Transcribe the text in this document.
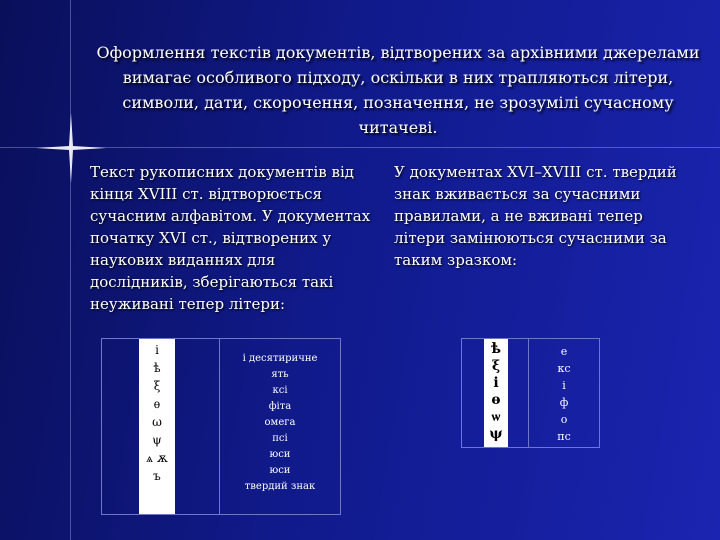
Оформлення текстів документів, відтворених за архівними джерелами вимагає особливого підходу, оскільки в них трапляються літери, символи, дати, скорочення, позначення, не зрозумілі сучасному читачеві.
Текст рукописних документів від кінця XVIII ст. відтворюється сучасним алфавітом. У документах початку XVI ст., відтворених у наукових виданнях для дослідників, зберігаються такі неуживані тепер літери:
У документах XVI–XVIII ст. твердий знак вживається за сучасними правилами, а не вживані тепер літери замінюються сучасними за таким зразком:
і
ѣ
ξ
ѳ
ω
ψ
ѧ ѫ
ъ
і десятиричне
ять
ксі
фіта
омега
псі
юси
юси
твердий знак
ѣ
ξ
і
ѳ
ѡ
ψ
е
кс
і
ф
о
пс
